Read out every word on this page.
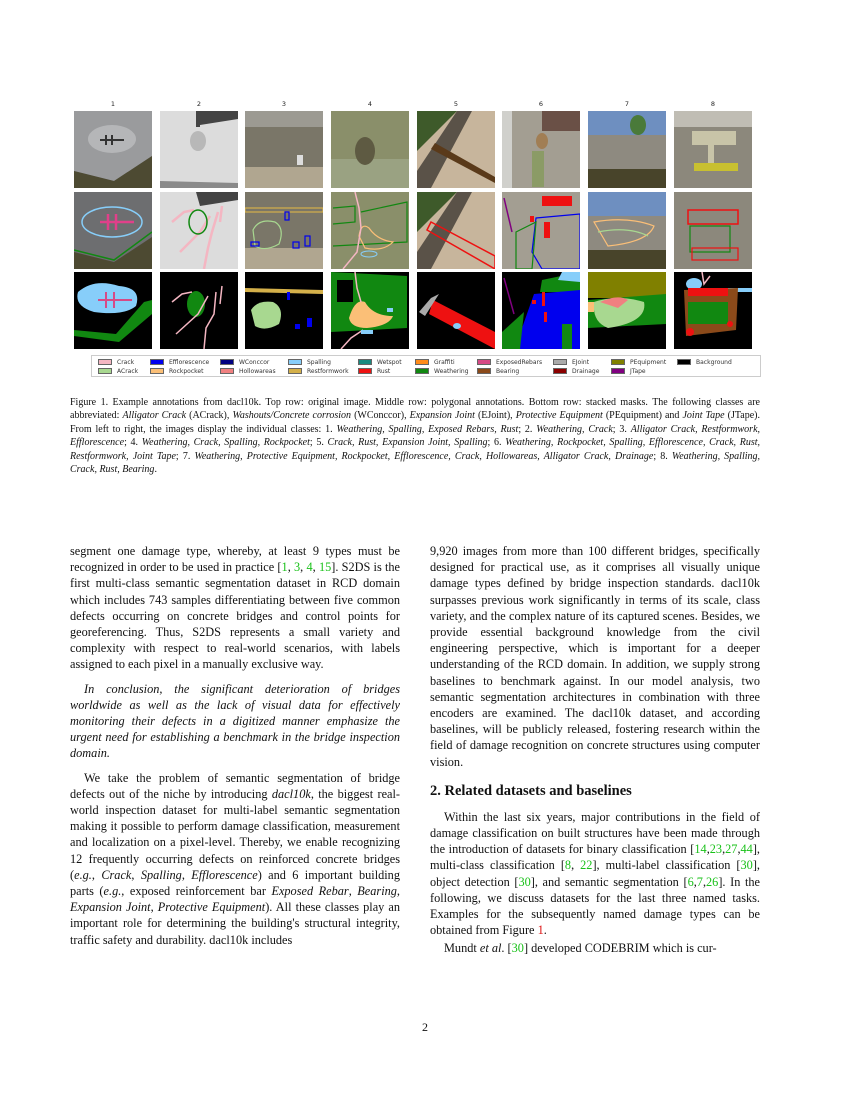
1	2	3	4	5	6	7	8
Crack
ACrack
Efflorescence
Rockpocket
WConccor
Hollowareas
Spalling
Restformwork
Wetspot
Rust
Graffiti
Weathering
ExposedRebars
Bearing
EJoint
Drainage
PEquipment
JTape
Background
Figure 1. Example annotations from dacl10k. Top row: original image. Middle row: polygonal annotations. Bottom row: stacked masks. The following classes are abbreviated: Alligator Crack (ACrack), Washouts/Concrete corrosion (WConccor), Expansion Joint (EJoint), Protective Equipment (PEquipment) and Joint Tape (JTape). From left to right, the images display the individual classes: 1. Weathering, Spalling, Exposed Rebars, Rust; 2. Weathering, Crack; 3. Alligator Crack, Restformwork, Efflorescence; 4. Weathering, Crack, Spalling, Rockpocket; 5. Crack, Rust, Expansion Joint, Spalling; 6. Weathering, Rockpocket, Spalling, Efflorescence, Crack, Rust, Restformwork, Joint Tape; 7. Weathering, Protective Equipment, Rockpocket, Efflorescence, Crack, Hollowareas, Alligator Crack, Drainage; 8. Weathering, Spalling, Crack, Rust, Bearing.

segment one damage type, whereby, at least 9 types must be recognized in order to be used in practice [1, 3, 4, 15]. S2DS is the first multi-class semantic segmentation dataset in RCD domain which includes 743 samples differentiating between five common defects occurring on concrete bridges and control points for georeferencing. Thus, S2DS represents a small variety and complexity with respect to real-world scenarios, with labels assigned to each pixel in a manually exclusive way.

In conclusion, the significant deterioration of bridges worldwide as well as the lack of visual data for effectively monitoring their defects in a digitized manner emphasize the urgent need for establishing a benchmark in the bridge inspection domain.

We take the problem of semantic segmentation of bridge defects out of the niche by introducing dacl10k, the biggest real-world inspection dataset for multi-label semantic segmentation making it possible to perform damage classification, measurement and localization on a pixel-level. Thereby, we enable recognizing 12 frequently occurring defects on reinforced concrete bridges (e.g., Crack, Spalling, Efflorescence) and 6 important building parts (e.g., exposed reinforcement bar Exposed Rebar, Bearing, Expansion Joint, Protective Equipment). All these classes play an important role for determining the building's structural integrity, traffic safety and durability. dacl10k includes

9,920 images from more than 100 different bridges, specifically designed for practical use, as it comprises all visually unique damage types defined by bridge inspection standards. dacl10k surpasses previous work significantly in terms of its scale, class variety, and the complex nature of its captured scenes. Besides, we provide essential background knowledge from the civil engineering perspective, which is important for a deeper understanding of the RCD domain. In addition, we supply strong baselines to benchmark against. In our model analysis, two semantic segmentation architectures in combination with three encoders are examined. The dacl10k dataset, and according baselines, will be publicly released, fostering research within the field of damage recognition on concrete structures using computer vision.

2. Related datasets and baselines

Within the last six years, major contributions in the field of damage classification on built structures have been made through the introduction of datasets for binary classification [14,23,27,44], multi-class classification [8, 22], multi-label classification [30], object detection [30], and semantic segmentation [6,7,26]. In the following, we discuss datasets for the last three named tasks. Examples for the subsequently named damage types can be obtained from Figure 1.

Mundt et al. [30] developed CODEBRIM which is cur-

2
